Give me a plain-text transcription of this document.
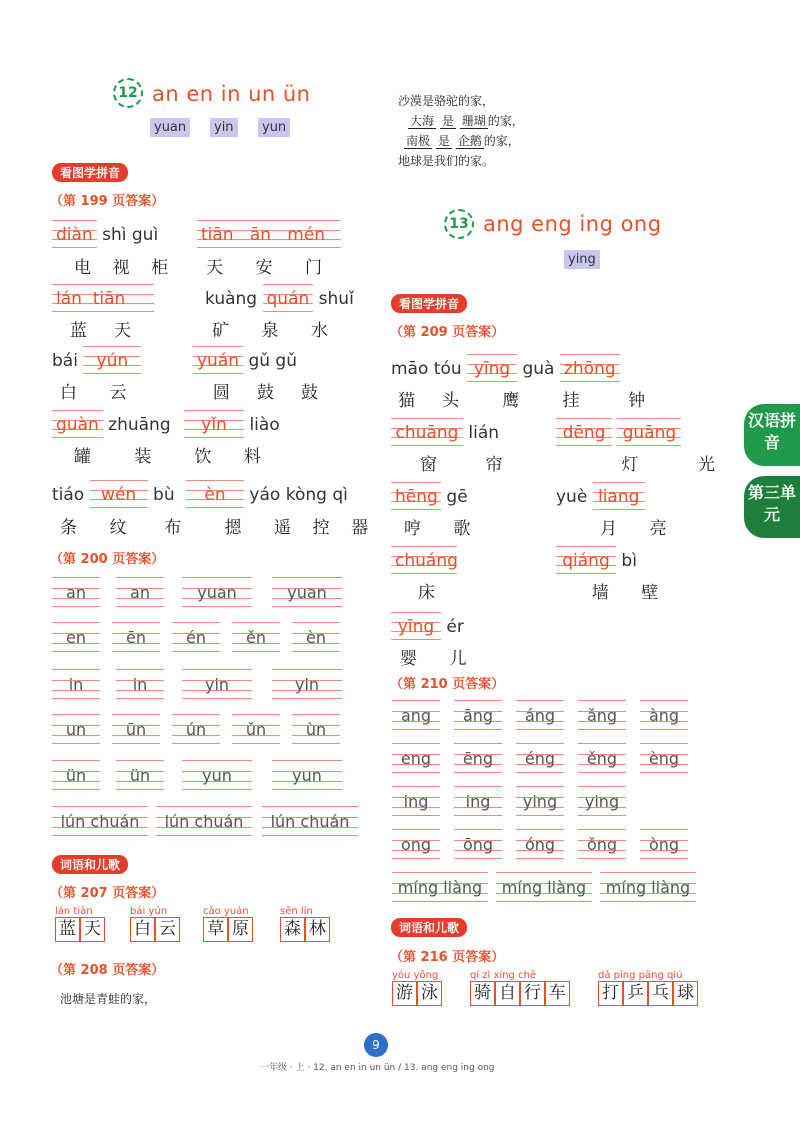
12 an en in un ün
yuan	yin	yun
看图学拼音
（第 199 页答案）
diàn shì guì	tiān ān mén
电 视 柜 天 安 门
lán tiān	kuàng quán shuǐ
蓝 天	矿 泉 水
bái yún	yuán gǔ gǔ
白 云	圆 鼓 鼓
guàn zhuāng yǐn liào
罐	装	饮 料
tiáo wén bù èn yáo kòng qì
条 纹 布	摁 遥 控 器
（第 200 页答案）
an	an	yuan	yuan
en	ēn	én	ěn	èn
in	in	yin	yin
un	ūn	ún	ǔn	ùn
ün	ün	yun	yun
lún chuán	lún chuán	lún chuán
词语和儿歌
（第 207 页答案）
lán tiān
蓝 天
bái yún
白 云
cǎo yuán
草 原
sēn lín
森 林
（第 208 页答案）
池塘是青蛙的家，
沙漠是骆驼的家，
大海 是 珊瑚 的家，
南极 是 企鹅 的家，
地球是我们的家。
13 ang eng ing ong
ying
看图学拼音
（第 209 页答案）
māo tóu yīng guà zhōng
猫 头	鹰	挂	钟
chuāng lián	dēng guāng
窗	帘	灯	光
hēng gē	yuè liang
哼 歌	月 亮
chuáng	qiáng bì
床	墙 壁
yīng ér
婴 儿
（第 210 页答案）
ang	āng	áng	ǎng	àng
eng	ēng	éng	ěng	èng
ing	ing	ying	ying
ong	ōng	óng	ǒng	òng
míng liàng	míng liàng	míng liàng
词语和儿歌
（第 216 页答案）
yóu yǒng
游 泳
qí zì xíng chē
骑 自 行 车
dǎ pīng pāng qiú
打 乒 乓 球
汉语拼音
第三单元
9
一年级 · 上 · 12. an en in un ün / 13. ang eng ing ong
